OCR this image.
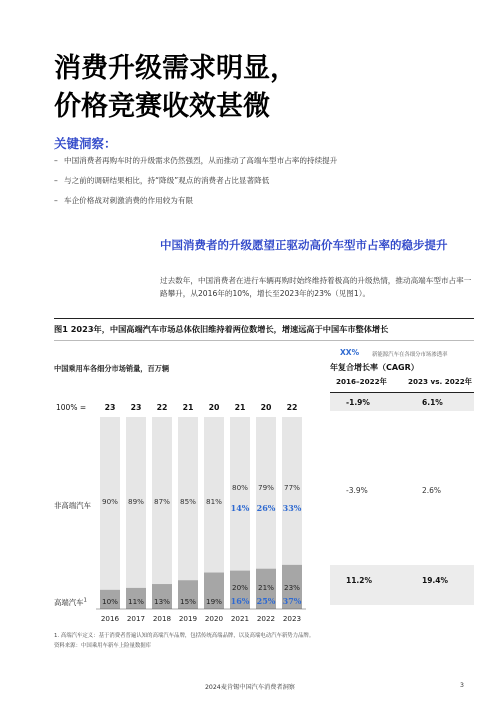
消费升级需求明显，
价格竞赛收效甚微
关键洞察：
– 中国消费者再购车时的升级需求仍然强烈，从而推动了高端车型市占率的持续提升
– 与之前的调研结果相比，持“降级”观点的消费者占比显著降低
– 车企价格战对刺激消费的作用较为有限
中国消费者的升级愿望正驱动高价车型市占率的稳步提升
过去数年，中国消费者在进行车辆再购时始终维持着极高的升级热情，推动高端车型市占率一路攀升，从2016年的10%，增长至2023年的23%（见图1）。
图1 2023年，中国高端汽车市场总体依旧维持着两位数增长，增速远高于中国车市整体增长
XX% 新能源汽车在各细分市场渗透率
中国乘用车各细分市场销量，百万辆	年复合增长率（CAGR）
非高端汽车
高端汽车$^1$
100% = 23
90%
10%
2016
23
89%
11%
2017
22
87%
13%
2018
21
85%
15%
2019
20
81%
19%
2020
21
80%
20%
14%
16%
2021
20
79%
21%
26%
25%
2022
22
77%
23%
33%
37%
2023
2016–2022年	2023 vs. 2022年
-1.9%	6.1%
-3.9%	2.6%
11.2%	19.4%
1. 高端汽车定义：基于消费者普遍认知的高端汽车品牌，包括传统高端品牌，以及高端电动汽车新势力品牌。
资料来源：中国乘用车新车上险量数据库
2024麦肯锡中国汽车消费者洞察	3
